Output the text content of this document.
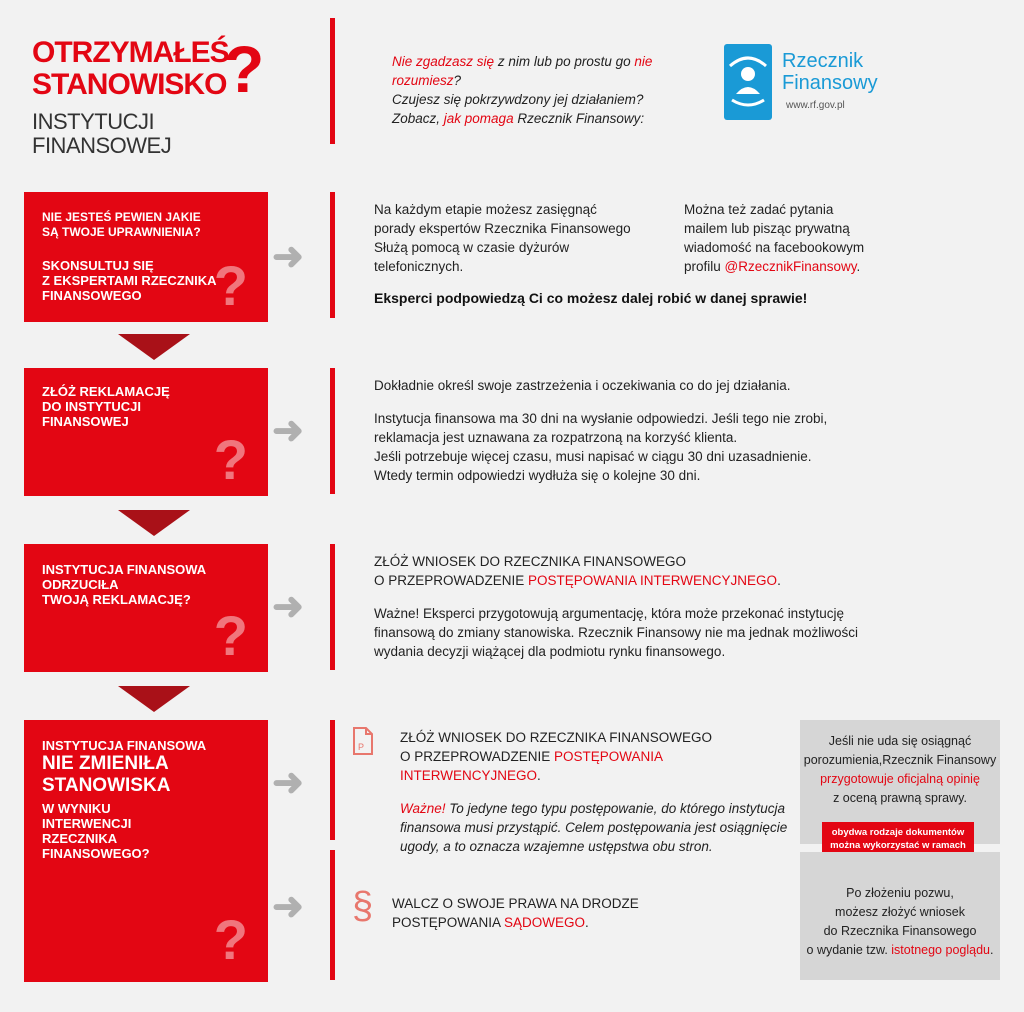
OTRZYMAŁEŚ
STANOWISKO
?
INSTYTUCJI FINANSOWEJ
Nie zgadzasz się z nim lub po prostu go nie rozumiesz?
Czujesz się pokrzywdzony jej działaniem?
Zobacz, jak pomaga Rzecznik Finansowy:
Rzecznik
Finansowy
www.rf.gov.pl
NIE JESTEŚ PEWIEN JAKIE
SĄ TWOJE UPRAWNIENIA?
SKONSULTUJ SIĘ
Z EKSPERTAMI RZECZNIKA
FINANSOWEGO	? ➜
Na każdym etapie możesz zasięgnąć
porady ekspertów Rzecznika Finansowego
Służą pomocą w czasie dyżurów
telefonicznych.
Można też zadać pytania
mailem lub pisząc prywatną
wiadomość na facebookowym
profilu @RzecznikFinansowy.
Eksperci podpowiedzą Ci co możesz dalej robić w danej sprawie!
ZŁÓŻ REKLAMACJĘ
DO INSTYTUCJI
FINANSOWEJ
? ➜
Dokładnie określ swoje zastrzeżenia i oczekiwania co do jej działania.
Instytucja finansowa ma 30 dni na wysłanie odpowiedzi. Jeśli tego nie zrobi,
reklamacja jest uznawana za rozpatrzoną na korzyść klienta.
Jeśli potrzebuje więcej czasu, musi napisać w ciągu 30 dni uzasadnienie.
Wtedy termin odpowiedzi wydłuża się o kolejne 30 dni.
INSTYTUCJA FINANSOWA
ODRZUCIŁA
TWOJĄ REKLAMACJĘ?
? ➜
ZŁÓŻ WNIOSEK DO RZECZNIKA FINANSOWEGO
O PRZEPROWADZENIE POSTĘPOWANIA INTERWENCYJNEGO.
Ważne! Eksperci przygotowują argumentację, która może przekonać instytucję
finansową do zmiany stanowiska. Rzecznik Finansowy nie ma jednak możliwości
wydania decyzji wiążącej dla podmiotu rynku finansowego.
INSTYTUCJA FINANSOWA
NIE ZMIENIŁA
STANOWISKA
W WYNIKU
INTERWENCJI
RZECZNIKA
FINANSOWEGO?
?
➜
➜
P
ZŁÓŻ WNIOSEK DO RZECZNIKA FINANSOWEGO
O PRZEPROWADZENIE POSTĘPOWANIA INTERWENCYJNEGO.
Ważne! To jedyne tego typu postępowanie, do którego instytucja
finansowa musi przystąpić. Celem postępowania jest osiągnięcie
ugody, a to oznacza wzajemne ustępstwa obu stron.
§ WALCZ O SWOJE PRAWA NA DRODZE
POSTĘPOWANIA SĄDOWEGO.
Jeśli nie uda się osiągnąć
porozumienia,Rzecznik Finansowy
przygotowuje oficjalną opinię
z oceną prawną sprawy.
obydwa rodzaje dokumentów
można wykorzystać w ramach
Po złożeniu pozwu,
możesz złożyć wniosek
do Rzecznika Finansowego
o wydanie tzw. istotnego poglądu.
